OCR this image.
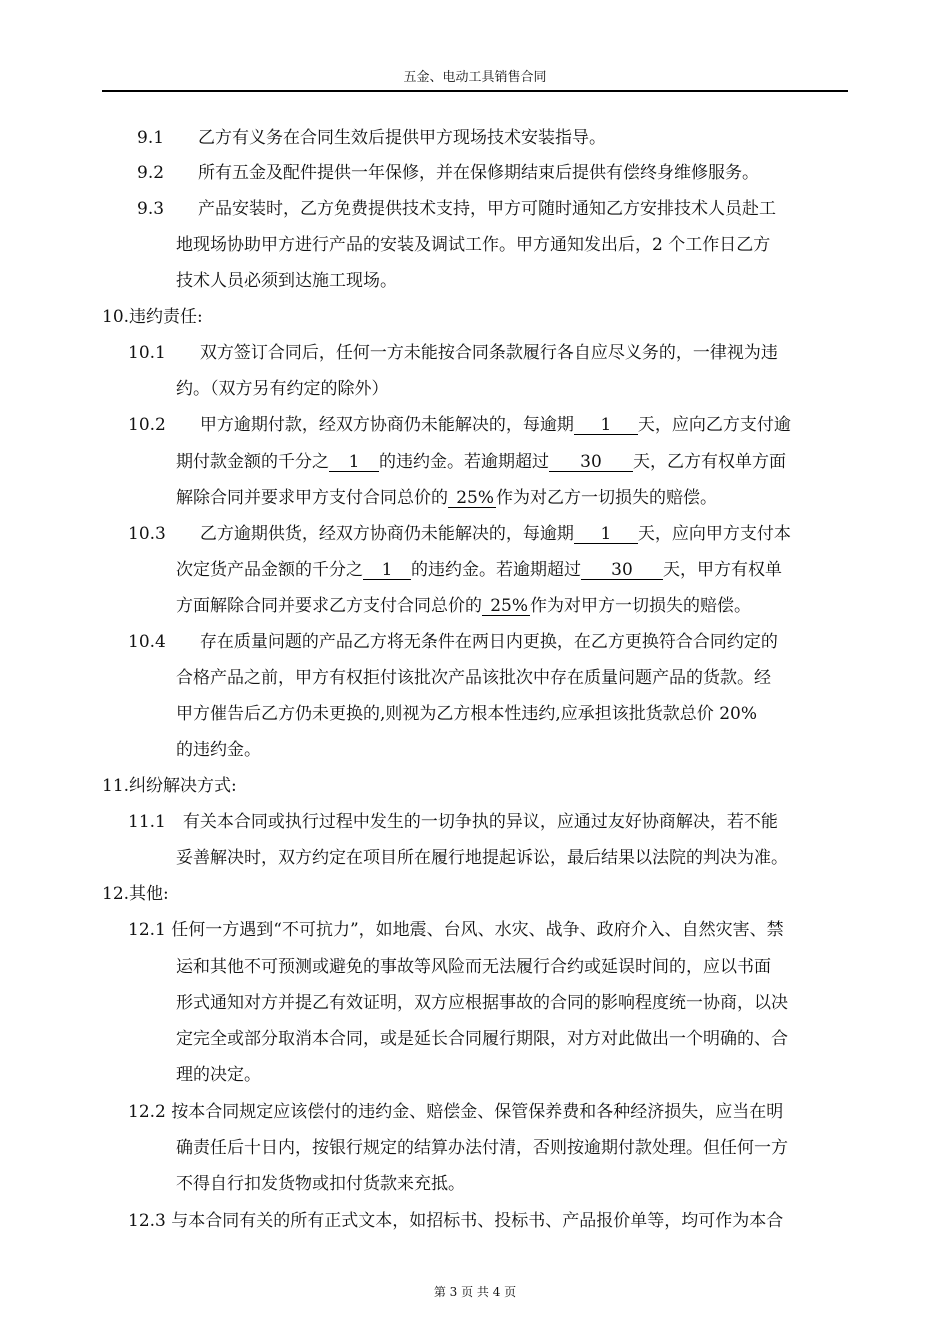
五金、电动工具销售合同
9.1　　乙方有义务在合同生效后提供甲方现场技术安装指导。
9.2　　所有五金及配件提供一年保修，并在保修期结束后提供有偿终身维修服务。
9.3　　产品安装时，乙方免费提供技术支持，甲方可随时通知乙方安排技术人员赴工
地现场协助甲方进行产品的安装及调试工作。甲方通知发出后，2 个工作日乙方
技术人员必须到达施工现场。
10.违约责任:
10.1　　双方签订合同后，任何一方未能按合同条款履行各自应尽义务的，一律视为违
约。（双方另有约定的除外）
10.2　　甲方逾期付款，经双方协商仍未能解决的，每逾期 1 天，应向乙方支付逾
期付款金额的千分之 1 的违约金。若逾期超过 30 天，乙方有权单方面
解除合同并要求甲方支付合同总价的 25% 作为对乙方一切损失的赔偿。
10.3　　乙方逾期供货，经双方协商仍未能解决的，每逾期 1 天，应向甲方支付本
次定货产品金额的千分之 1 的违约金。若逾期超过 30 天，甲方有权单
方面解除合同并要求乙方支付合同总价的 25% 作为对甲方一切损失的赔偿。
10.4　　存在质量问题的产品乙方将无条件在两日内更换，在乙方更换符合合同约定的
合格产品之前，甲方有权拒付该批次产品该批次中存在质量问题产品的货款。经
甲方催告后乙方仍未更换的,则视为乙方根本性违约,应承担该批货款总价 20%
的违约金。
11.纠纷解决方式:
11.1　有关本合同或执行过程中发生的一切争执的异议，应通过友好协商解决，若不能
妥善解决时，双方约定在项目所在履行地提起诉讼，最后结果以法院的判决为准。
12.其他:
12.1 任何一方遇到“不可抗力”，如地震、台风、水灾、战争、政府介入、自然灾害、禁
运和其他不可预测或避免的事故等风险而无法履行合约或延误时间的，应以书面
形式通知对方并提乙有效证明，双方应根据事故的合同的影响程度统一协商，以决
定完全或部分取消本合同，或是延长合同履行期限，对方对此做出一个明确的、合
理的决定。
12.2 按本合同规定应该偿付的违约金、赔偿金、保管保养费和各种经济损失，应当在明
确责任后十日内，按银行规定的结算办法付清，否则按逾期付款处理。但任何一方
不得自行扣发货物或扣付货款来充抵。
12.3 与本合同有关的所有正式文本，如招标书、投标书、产品报价单等，均可作为本合
第 3 页 共 4 页
